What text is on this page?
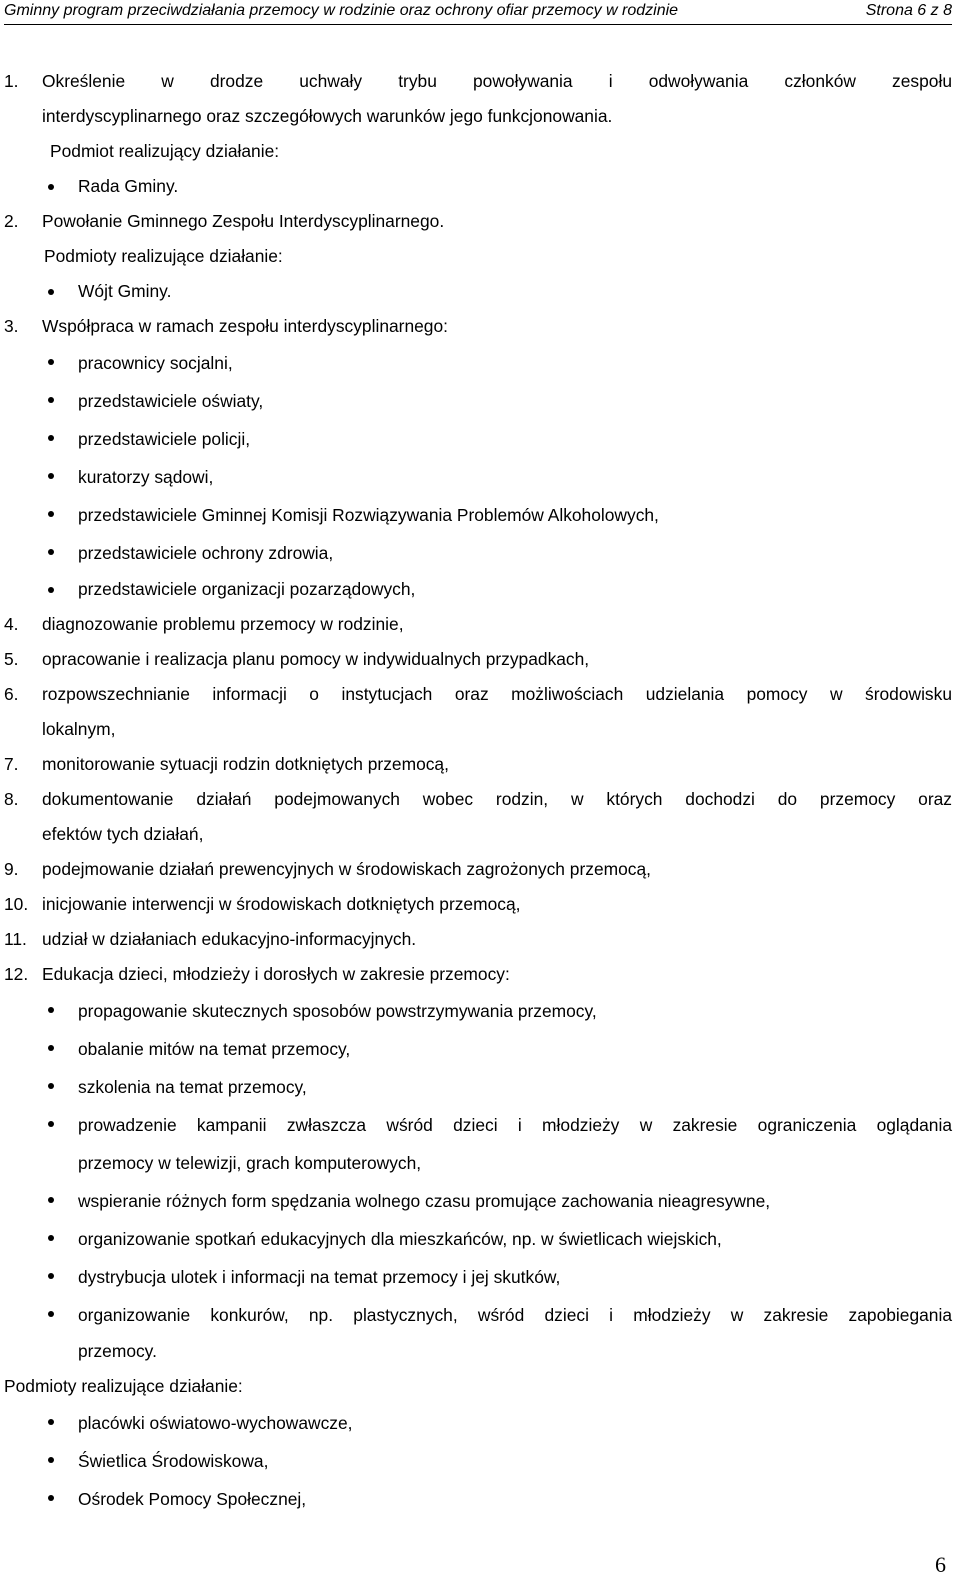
Gminny program przeciwdziałania przemocy w rodzinie oraz ochrony ofiar przemocy w rodzinie	Strona 6 z 8
1. Określenie w drodze uchwały trybu powoływania i odwoływania członków zespołu
interdyscyplinarnego oraz szczegółowych warunków jego funkcjonowania.
Podmiot realizujący działanie:
Rada Gminy.
2. Powołanie Gminnego Zespołu Interdyscyplinarnego.
Podmioty realizujące działanie:
Wójt Gminy.
3. Współpraca w ramach zespołu interdyscyplinarnego:
pracownicy socjalni,
przedstawiciele oświaty,
przedstawiciele policji,
kuratorzy sądowi,
przedstawiciele Gminnej Komisji Rozwiązywania Problemów Alkoholowych,
przedstawiciele ochrony zdrowia,
przedstawiciele organizacji pozarządowych,
4. diagnozowanie problemu przemocy w rodzinie,
5. opracowanie i realizacja planu pomocy w indywidualnych przypadkach,
6. rozpowszechnianie informacji o instytucjach oraz możliwościach udzielania pomocy w środowisku
lokalnym,
7. monitorowanie sytuacji rodzin dotkniętych przemocą,
8. dokumentowanie działań podejmowanych wobec rodzin, w których dochodzi do przemocy oraz
efektów tych działań,
9. podejmowanie działań prewencyjnych w środowiskach zagrożonych przemocą,
10. inicjowanie interwencji w środowiskach dotkniętych przemocą,
11. udział w działaniach edukacyjno-informacyjnych.
12. Edukacja dzieci, młodzieży i dorosłych w zakresie przemocy:
propagowanie skutecznych sposobów powstrzymywania przemocy,
obalanie mitów na temat przemocy,
szkolenia na temat przemocy,
prowadzenie kampanii zwłaszcza wśród dzieci i młodzieży w zakresie ograniczenia oglądania
przemocy w telewizji, grach komputerowych,
wspieranie różnych form spędzania wolnego czasu promujące zachowania nieagresywne,
organizowanie spotkań edukacyjnych dla mieszkańców, np. w świetlicach wiejskich,
dystrybucja ulotek i informacji na temat przemocy i jej skutków,
organizowanie konkurów, np. plastycznych, wśród dzieci i młodzieży w zakresie zapobiegania
przemocy.
Podmioty realizujące działanie:
placówki oświatowo-wychowawcze,
Świetlica Środowiskowa,
Ośrodek Pomocy Społecznej,
6
